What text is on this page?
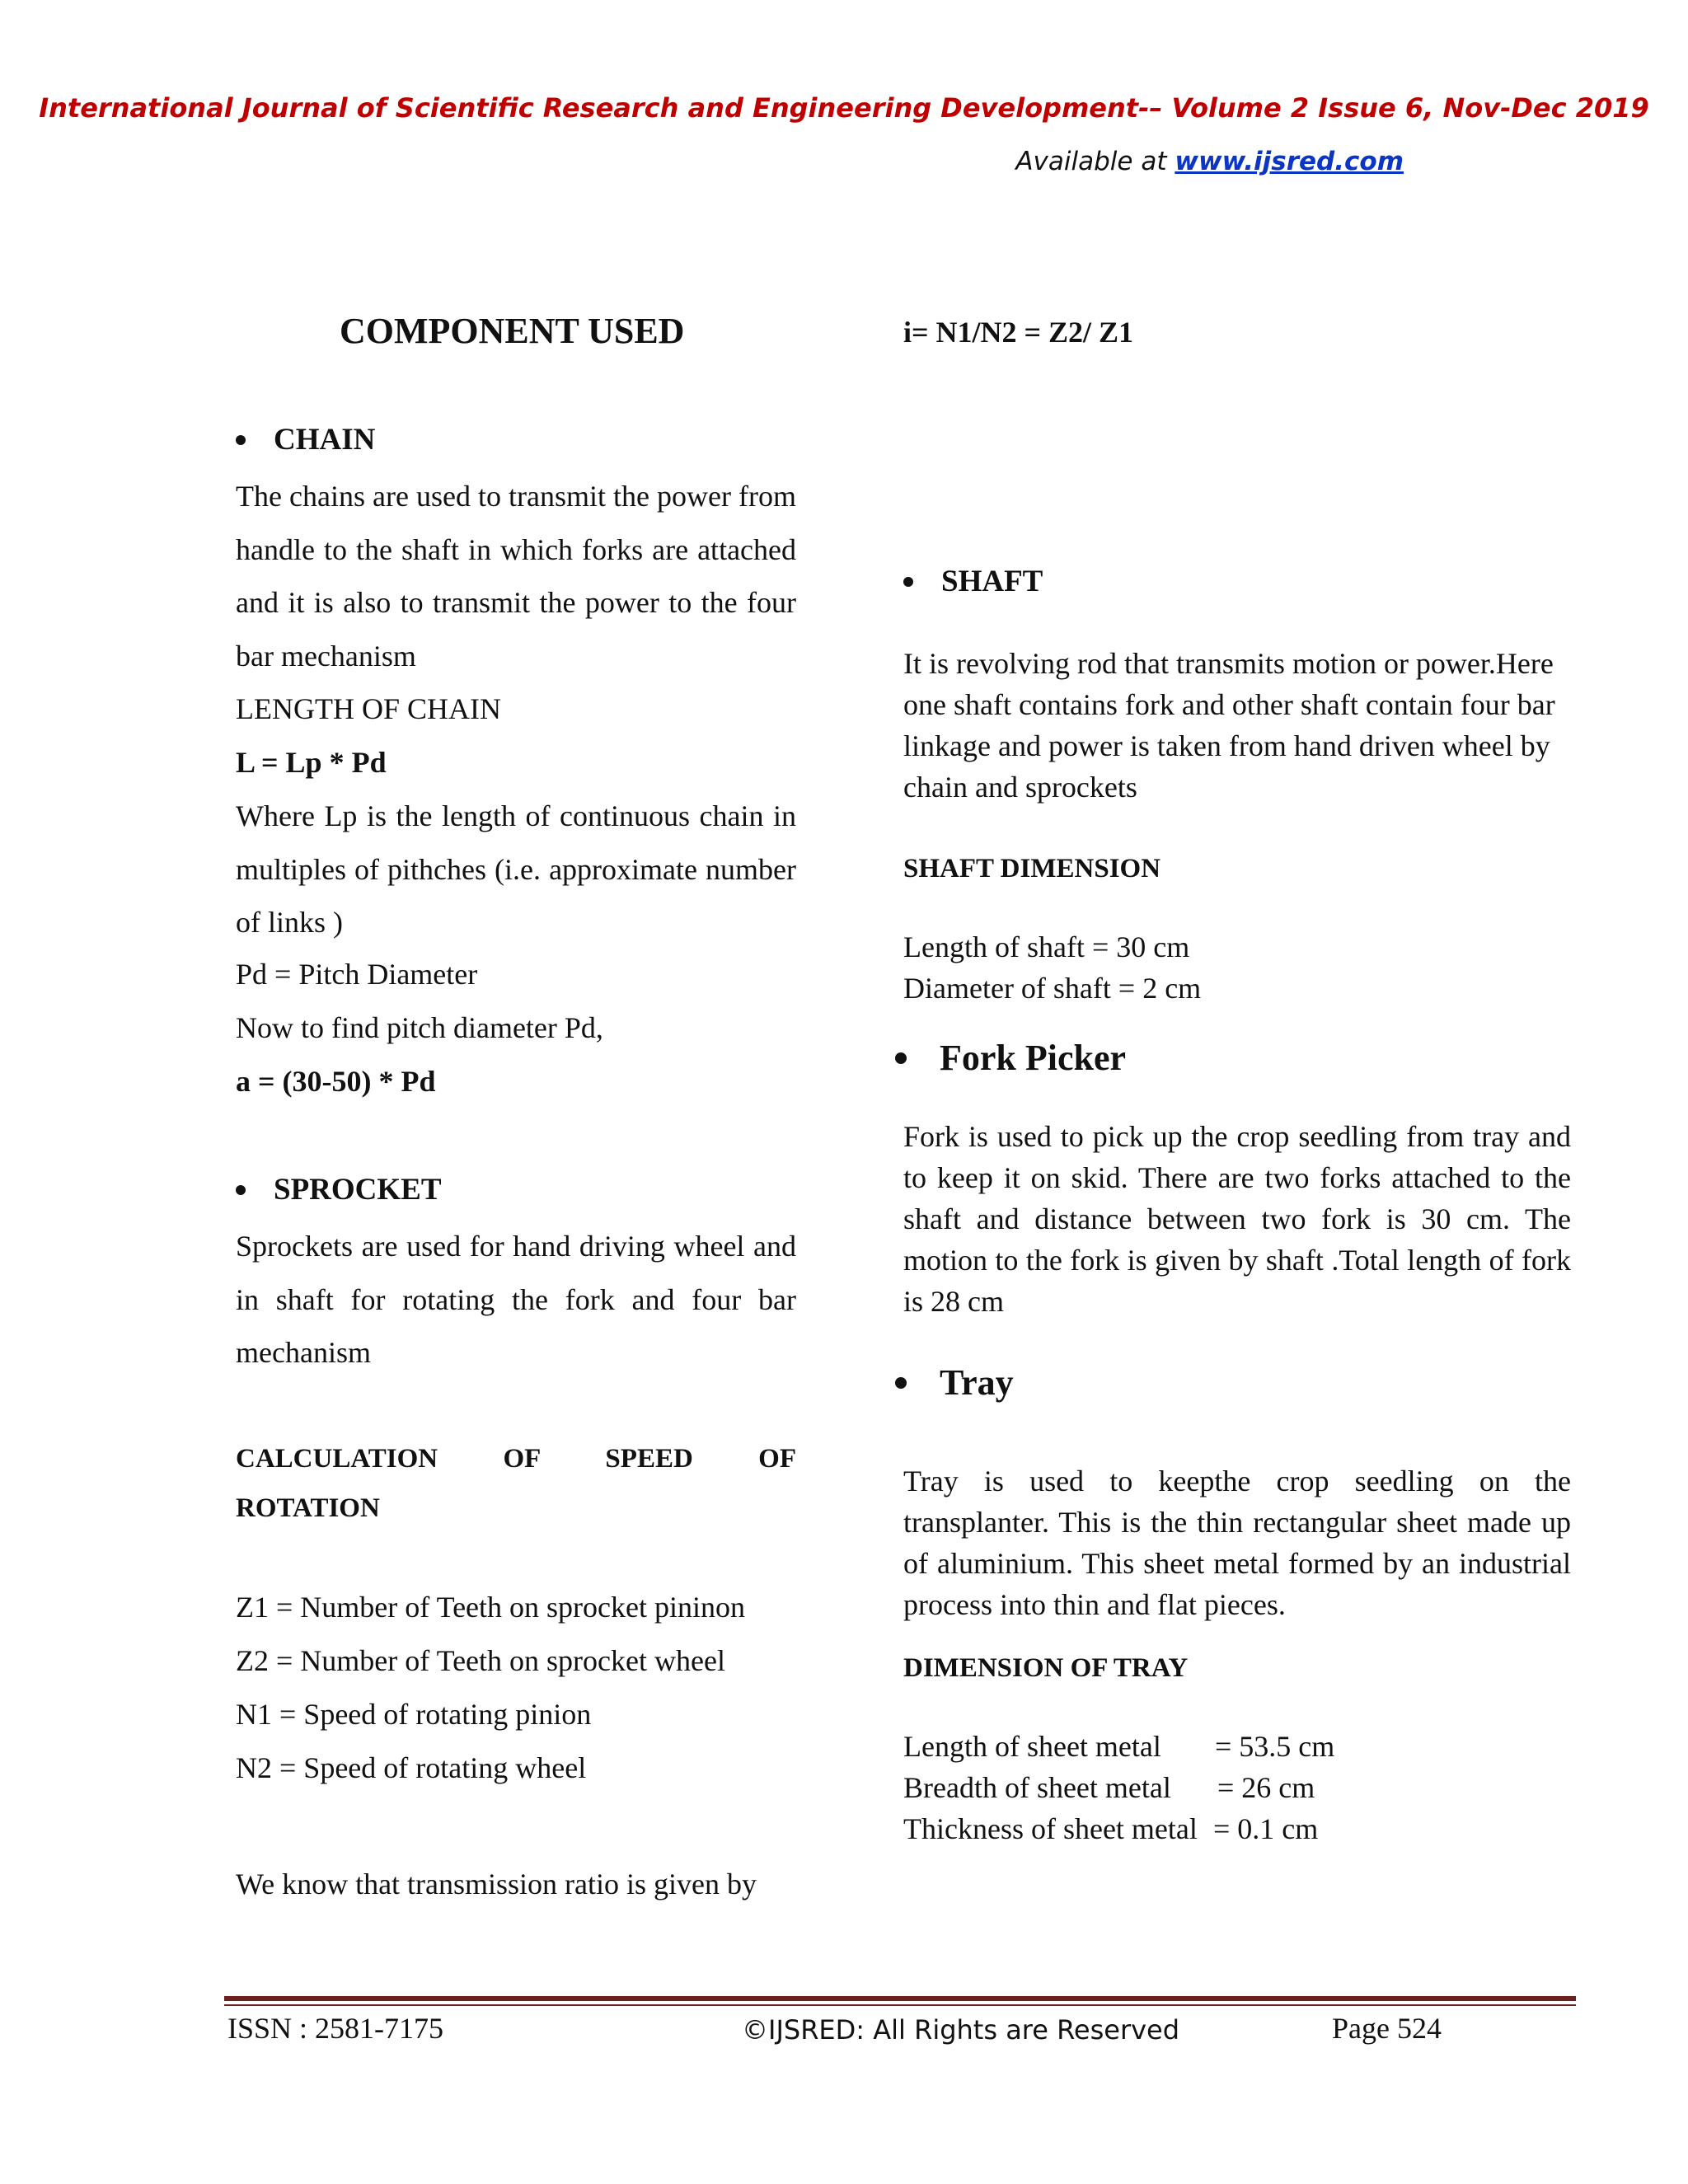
International Journal of Scientific Research and Engineering Development-– Volume 2 Issue 6, Nov-Dec 2019
Available at www.ijsred.com
COMPONENT USED
CHAIN
The chains are used to transmit the power from handle to the shaft in which forks are attached and it is also to transmit the power to the four bar mechanism
LENGTH OF CHAIN
L = Lp * Pd
Where Lp is the length of continuous chain in multiples of pithches (i.e. approximate number of links )
Pd = Pitch Diameter
Now to find pitch diameter Pd,
a = (30-50) * Pd
SPROCKET
Sprockets are used for hand driving wheel and in shaft for rotating the fork and four bar mechanism
CALCULATION OF SPEED OF
ROTATION
Z1 = Number of Teeth on sprocket pininon
Z2 = Number of Teeth on sprocket wheel
N1 = Speed of rotating pinion
N2 = Speed of rotating wheel
We know that transmission ratio is given by
i= N1/N2 = Z2/ Z1
SHAFT
It is revolving rod that transmits motion or power.Here one shaft contains fork and other shaft contain four bar linkage and power is taken from hand driven wheel by chain and sprockets
SHAFT DIMENSION
Length of shaft = 30 cm
Diameter of shaft = 2 cm
Fork Picker
Fork is used to pick up the crop seedling from tray and to keep it on skid. There are two forks attached to the shaft and distance between two fork is 30 cm. The motion to the fork is given by shaft .Total length of fork is 28 cm
Tray
Tray is used to keepthe crop seedling on the transplanter. This is the thin rectangular sheet made up of aluminium. This sheet metal formed by an industrial process into thin and flat pieces.
DIMENSION OF TRAY
Length of sheet metal	= 53.5 cm
Breadth of sheet metal	= 26 cm
Thickness of sheet metal = 0.1 cm
ISSN : 2581-7175	©IJSRED: All Rights are Reserved	Page 524
